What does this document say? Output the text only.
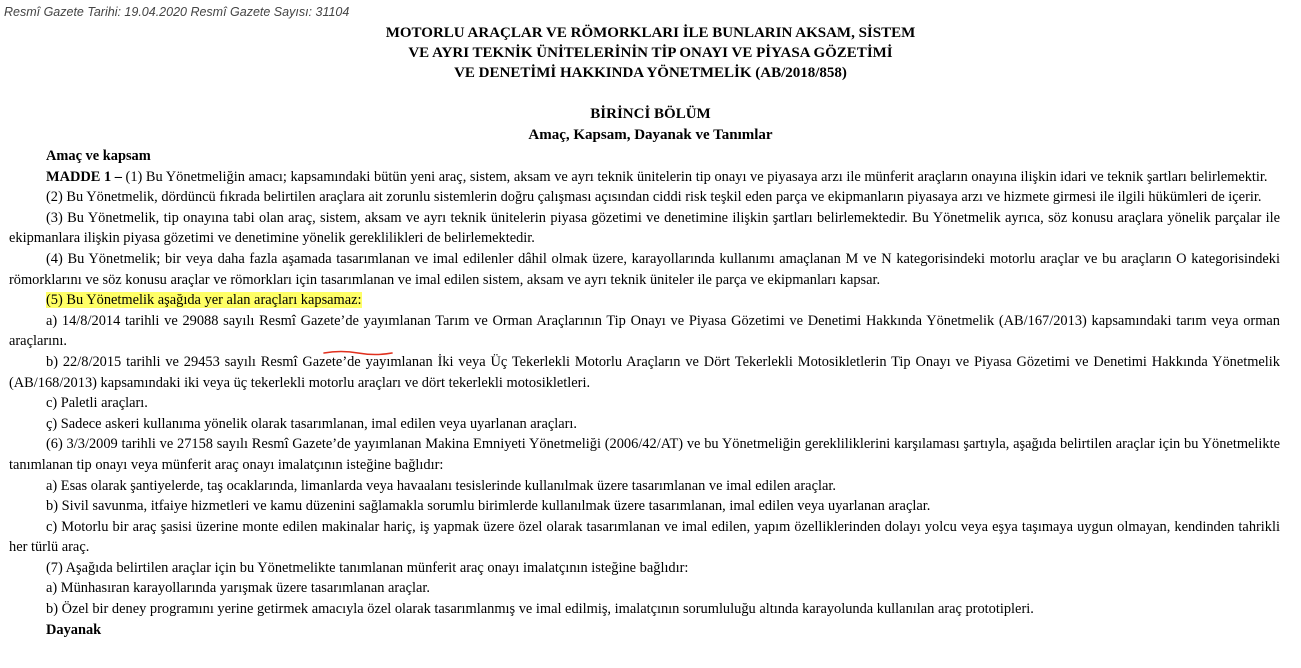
Resmî Gazete Tarihi: 19.04.2020 Resmî Gazete Sayısı: 31104
MOTORLU ARAÇLAR VE RÖMORKLARI İLE BUNLARIN AKSAM, SİSTEM
VE AYRI TEKNİK ÜNİTELERİNİN TİP ONAYI VE PİYASA GÖZETİMİ
VE DENETİMİ HAKKINDA YÖNETMELİK (AB/2018/858)
BİRİNCİ BÖLÜM
Amaç, Kapsam, Dayanak ve Tanımlar

Amaç ve kapsam

MADDE 1 – (1) Bu Yönetmeliğin amacı; kapsamındaki bütün yeni araç, sistem, aksam ve ayrı teknik ünitelerin tip onayı ve piyasaya arzı ile münferit araçların onayına ilişkin idari ve teknik şartları belirlemektir.

(2) Bu Yönetmelik, dördüncü fıkrada belirtilen araçlara ait zorunlu sistemlerin doğru çalışması açısından ciddi risk teşkil eden parça ve ekipmanların piyasaya arzı ve hizmete girmesi ile ilgili hükümleri de içerir.

(3) Bu Yönetmelik, tip onayına tabi olan araç, sistem, aksam ve ayrı teknik ünitelerin piyasa gözetimi ve denetimine ilişkin şartları belirlemektedir. Bu Yönetmelik ayrıca, söz konusu araçlara yönelik parçalar ile ekipmanlara ilişkin piyasa gözetimi ve denetimine yönelik gereklilikleri de belirlemektedir.

(4) Bu Yönetmelik; bir veya daha fazla aşamada tasarımlanan ve imal edilenler dâhil olmak üzere, karayollarında kullanımı amaçlanan M ve N kategorisindeki motorlu araçlar ve bu araçların O kategorisindeki römorklarını ve söz konusu araçlar ve römorkları için tasarımlanan ve imal edilen sistem, aksam ve ayrı teknik üniteler ile parça ve ekipmanları kapsar.

(5) Bu Yönetmelik aşağıda yer alan araçları kapsamaz:

a) 14/8/2014 tarihli ve 29088 sayılı Resmî Gazete’de yayımlanan Tarım ve Orman Araçlarının Tip Onayı ve Piyasa Gözetimi ve Denetimi Hakkında Yönetmelik (AB/167/2013) kapsamındaki tarım veya orman araçlarını.

b) 22/8/2015 tarihli ve 29453 sayılı Resmî Gazete’de yayımlanan İki veya Üç Tekerlekli Motorlu Araçların ve Dört Tekerlekli Motosikletlerin Tip Onayı ve Piyasa Gözetimi ve Denetimi Hakkında Yönetmelik (AB/168/2013) kapsamındaki iki veya üç tekerlekli motorlu araçları ve dört tekerlekli motosikletleri.

c) Paletli araçları.

ç) Sadece askeri kullanıma yönelik olarak tasarımlanan, imal edilen veya uyarlanan araçları.

(6) 3/3/2009 tarihli ve 27158 sayılı Resmî Gazete’de yayımlanan Makina Emniyeti Yönetmeliği (2006/42/AT) ve bu Yönetmeliğin gerekliliklerini karşılaması şartıyla, aşağıda belirtilen araçlar için bu Yönetmelikte tanımlanan tip onayı veya münferit araç onayı imalatçının isteğine bağlıdır:

a) Esas olarak şantiyelerde, taş ocaklarında, limanlarda veya havaalanı tesislerinde kullanılmak üzere tasarımlanan ve imal edilen araçlar.

b) Sivil savunma, itfaiye hizmetleri ve kamu düzenini sağlamakla sorumlu birimlerde kullanılmak üzere tasarımlanan, imal edilen veya uyarlanan araçlar.

c) Motorlu bir araç şasisi üzerine monte edilen makinalar hariç, iş yapmak üzere özel olarak tasarımlanan ve imal edilen, yapım özelliklerinden dolayı yolcu veya eşya taşımaya uygun olmayan, kendinden tahrikli her türlü araç.

(7) Aşağıda belirtilen araçlar için bu Yönetmelikte tanımlanan münferit araç onayı imalatçının isteğine bağlıdır:

a) Münhasıran karayollarında yarışmak üzere tasarımlanan araçlar.

b) Özel bir deney programını yerine getirmek amacıyla özel olarak tasarımlanmış ve imal edilmiş, imalatçının sorumluluğu altında karayolunda kullanılan araç prototipleri.

Dayanak
